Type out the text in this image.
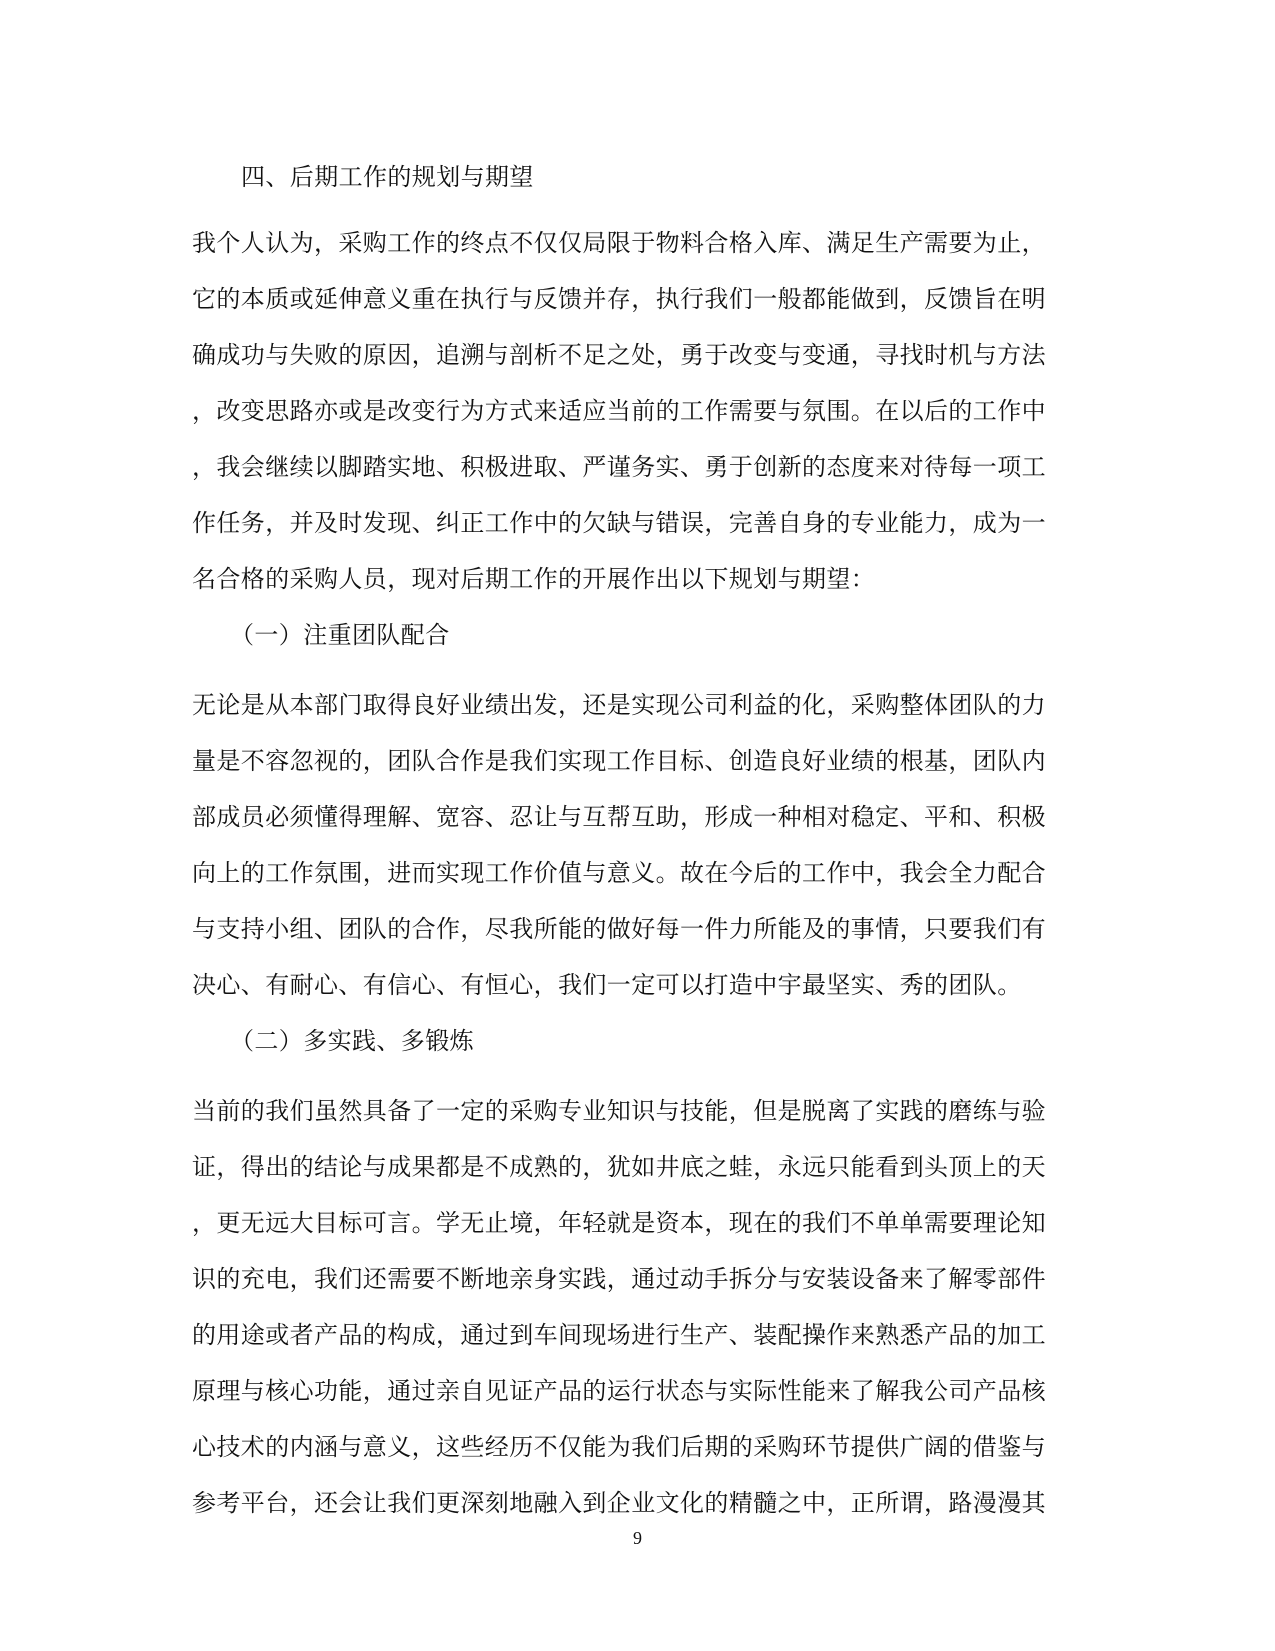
四、后期工作的规划与期望
我个人认为，采购工作的终点不仅仅局限于物料合格入库、满足生产需要为止，
它的本质或延伸意义重在执行与反馈并存，执行我们一般都能做到，反馈旨在明
确成功与失败的原因，追溯与剖析不足之处，勇于改变与变通，寻找时机与方法
，改变思路亦或是改变行为方式来适应当前的工作需要与氛围。在以后的工作中
，我会继续以脚踏实地、积极进取、严谨务实、勇于创新的态度来对待每一项工
作任务，并及时发现、纠正工作中的欠缺与错误，完善自身的专业能力，成为一
名合格的采购人员，现对后期工作的开展作出以下规划与期望：
（一）注重团队配合
无论是从本部门取得良好业绩出发，还是实现公司利益的化，采购整体团队的力
量是不容忽视的，团队合作是我们实现工作目标、创造良好业绩的根基，团队内
部成员必须懂得理解、宽容、忍让与互帮互助，形成一种相对稳定、平和、积极
向上的工作氛围，进而实现工作价值与意义。故在今后的工作中，我会全力配合
与支持小组、团队的合作，尽我所能的做好每一件力所能及的事情，只要我们有
决心、有耐心、有信心、有恒心，我们一定可以打造中宇最坚实、秀的团队。
（二）多实践、多锻炼
当前的我们虽然具备了一定的采购专业知识与技能，但是脱离了实践的磨练与验
证，得出的结论与成果都是不成熟的，犹如井底之蛙，永远只能看到头顶上的天
，更无远大目标可言。学无止境，年轻就是资本，现在的我们不单单需要理论知
识的充电，我们还需要不断地亲身实践，通过动手拆分与安装设备来了解零部件
的用途或者产品的构成，通过到车间现场进行生产、装配操作来熟悉产品的加工
原理与核心功能，通过亲自见证产品的运行状态与实际性能来了解我公司产品核
心技术的内涵与意义，这些经历不仅能为我们后期的采购环节提供广阔的借鉴与
参考平台，还会让我们更深刻地融入到企业文化的精髓之中，正所谓，路漫漫其
9
